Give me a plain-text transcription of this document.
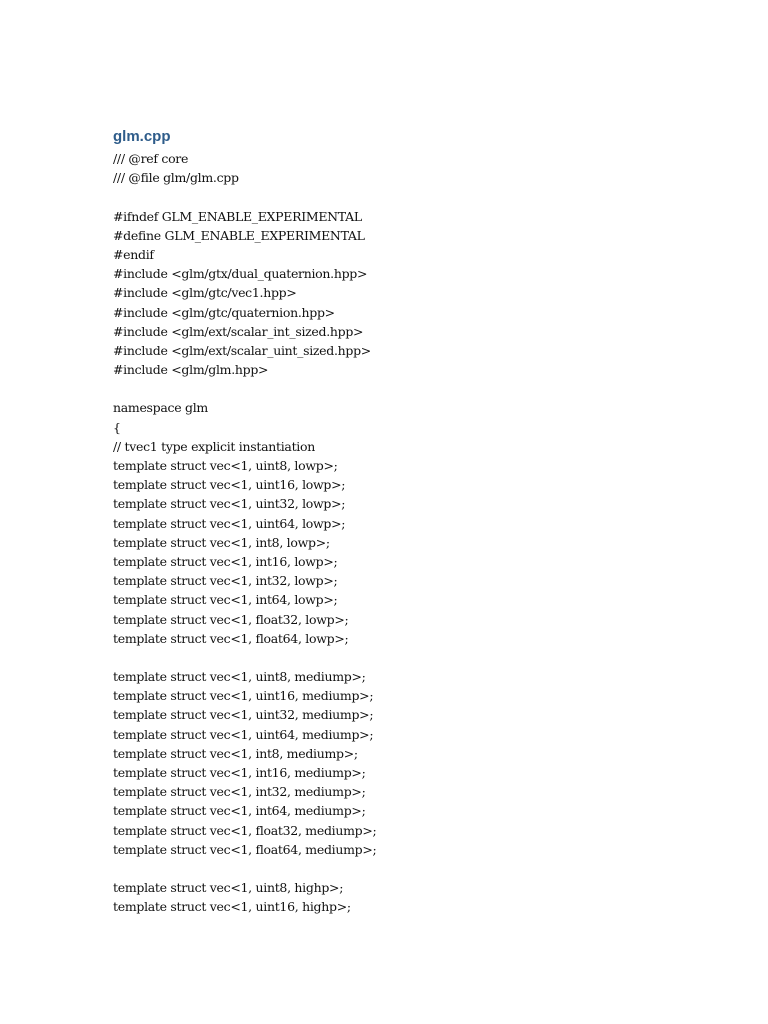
glm.cpp
/// @ref core
/// @file glm/glm.cpp
#ifndef GLM_ENABLE_EXPERIMENTAL
#define GLM_ENABLE_EXPERIMENTAL
#endif
#include <glm/gtx/dual_quaternion.hpp>
#include <glm/gtc/vec1.hpp>
#include <glm/gtc/quaternion.hpp>
#include <glm/ext/scalar_int_sized.hpp>
#include <glm/ext/scalar_uint_sized.hpp>
#include <glm/glm.hpp>
namespace glm
{
// tvec1 type explicit instantiation
template struct vec<1, uint8, lowp>;
template struct vec<1, uint16, lowp>;
template struct vec<1, uint32, lowp>;
template struct vec<1, uint64, lowp>;
template struct vec<1, int8, lowp>;
template struct vec<1, int16, lowp>;
template struct vec<1, int32, lowp>;
template struct vec<1, int64, lowp>;
template struct vec<1, float32, lowp>;
template struct vec<1, float64, lowp>;
template struct vec<1, uint8, mediump>;
template struct vec<1, uint16, mediump>;
template struct vec<1, uint32, mediump>;
template struct vec<1, uint64, mediump>;
template struct vec<1, int8, mediump>;
template struct vec<1, int16, mediump>;
template struct vec<1, int32, mediump>;
template struct vec<1, int64, mediump>;
template struct vec<1, float32, mediump>;
template struct vec<1, float64, mediump>;
template struct vec<1, uint8, highp>;
template struct vec<1, uint16, highp>;
